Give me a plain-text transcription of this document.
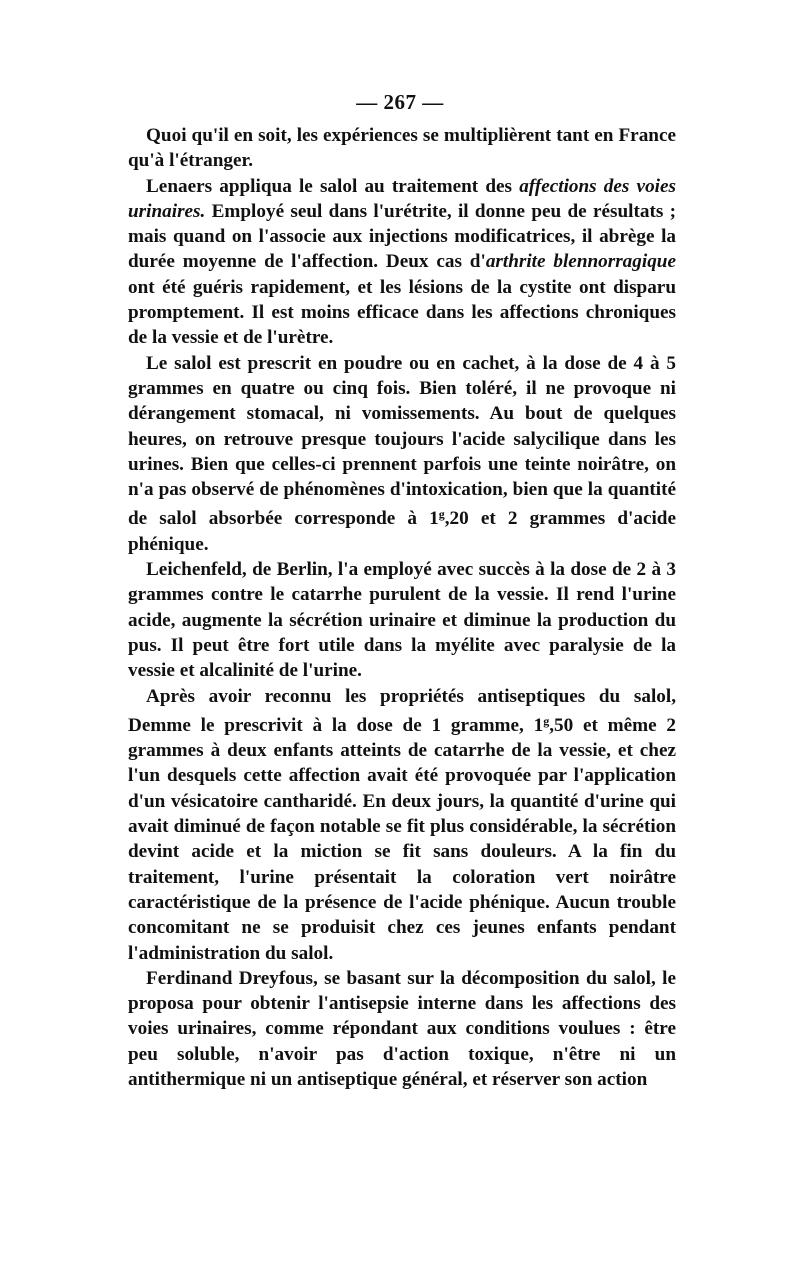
— 267 —

Quoi qu'il en soit, les expériences se multiplièrent tant en France qu'à l'étranger.

Lenaers appliqua le salol au traitement des affections des voies urinaires. Employé seul dans l'urétrite, il donne peu de résultats ; mais quand on l'associe aux injections modificatrices, il abrège la durée moyenne de l'affection. Deux cas d'arthrite blennorragique ont été guéris rapidement, et les lésions de la cystite ont disparu promptement. Il est moins efficace dans les affections chroniques de la vessie et de l'urètre.

Le salol est prescrit en poudre ou en cachet, à la dose de 4 à 5 grammes en quatre ou cinq fois. Bien toléré, il ne provoque ni dérangement stomacal, ni vomissements. Au bout de quelques heures, on retrouve presque toujours l'acide salycilique dans les urines. Bien que celles-ci prennent parfois une teinte noirâtre, on n'a pas observé de phénomènes d'intoxication, bien que la quantité de salol absorbée corresponde à 1$^g$,20 et 2 grammes d'acide phénique.

Leichenfeld, de Berlin, l'a employé avec succès à la dose de 2 à 3 grammes contre le catarrhe purulent de la vessie. Il rend l'urine acide, augmente la sécrétion urinaire et diminue la production du pus. Il peut être fort utile dans la myélite avec paralysie de la vessie et alcalinité de l'urine.

Après avoir reconnu les propriétés antiseptiques du salol, Demme le prescrivit à la dose de 1 gramme, 1$^g$,50 et même 2 grammes à deux enfants atteints de catarrhe de la vessie, et chez l'un desquels cette affection avait été provoquée par l'application d'un vésicatoire cantharidé. En deux jours, la quantité d'urine qui avait diminué de façon notable se fit plus considérable, la sécrétion devint acide et la miction se fit sans douleurs. A la fin du traitement, l'urine présentait la coloration vert noirâtre caractéristique de la présence de l'acide phénique. Aucun trouble concomitant ne se produisit chez ces jeunes enfants pendant l'administration du salol.

Ferdinand Dreyfous, se basant sur la décomposition du salol, le proposa pour obtenir l'antisepsie interne dans les affections des voies urinaires, comme répondant aux conditions voulues : être peu soluble, n'avoir pas d'action toxique, n'être ni un antithermique ni un antiseptique général, et réserver son action
